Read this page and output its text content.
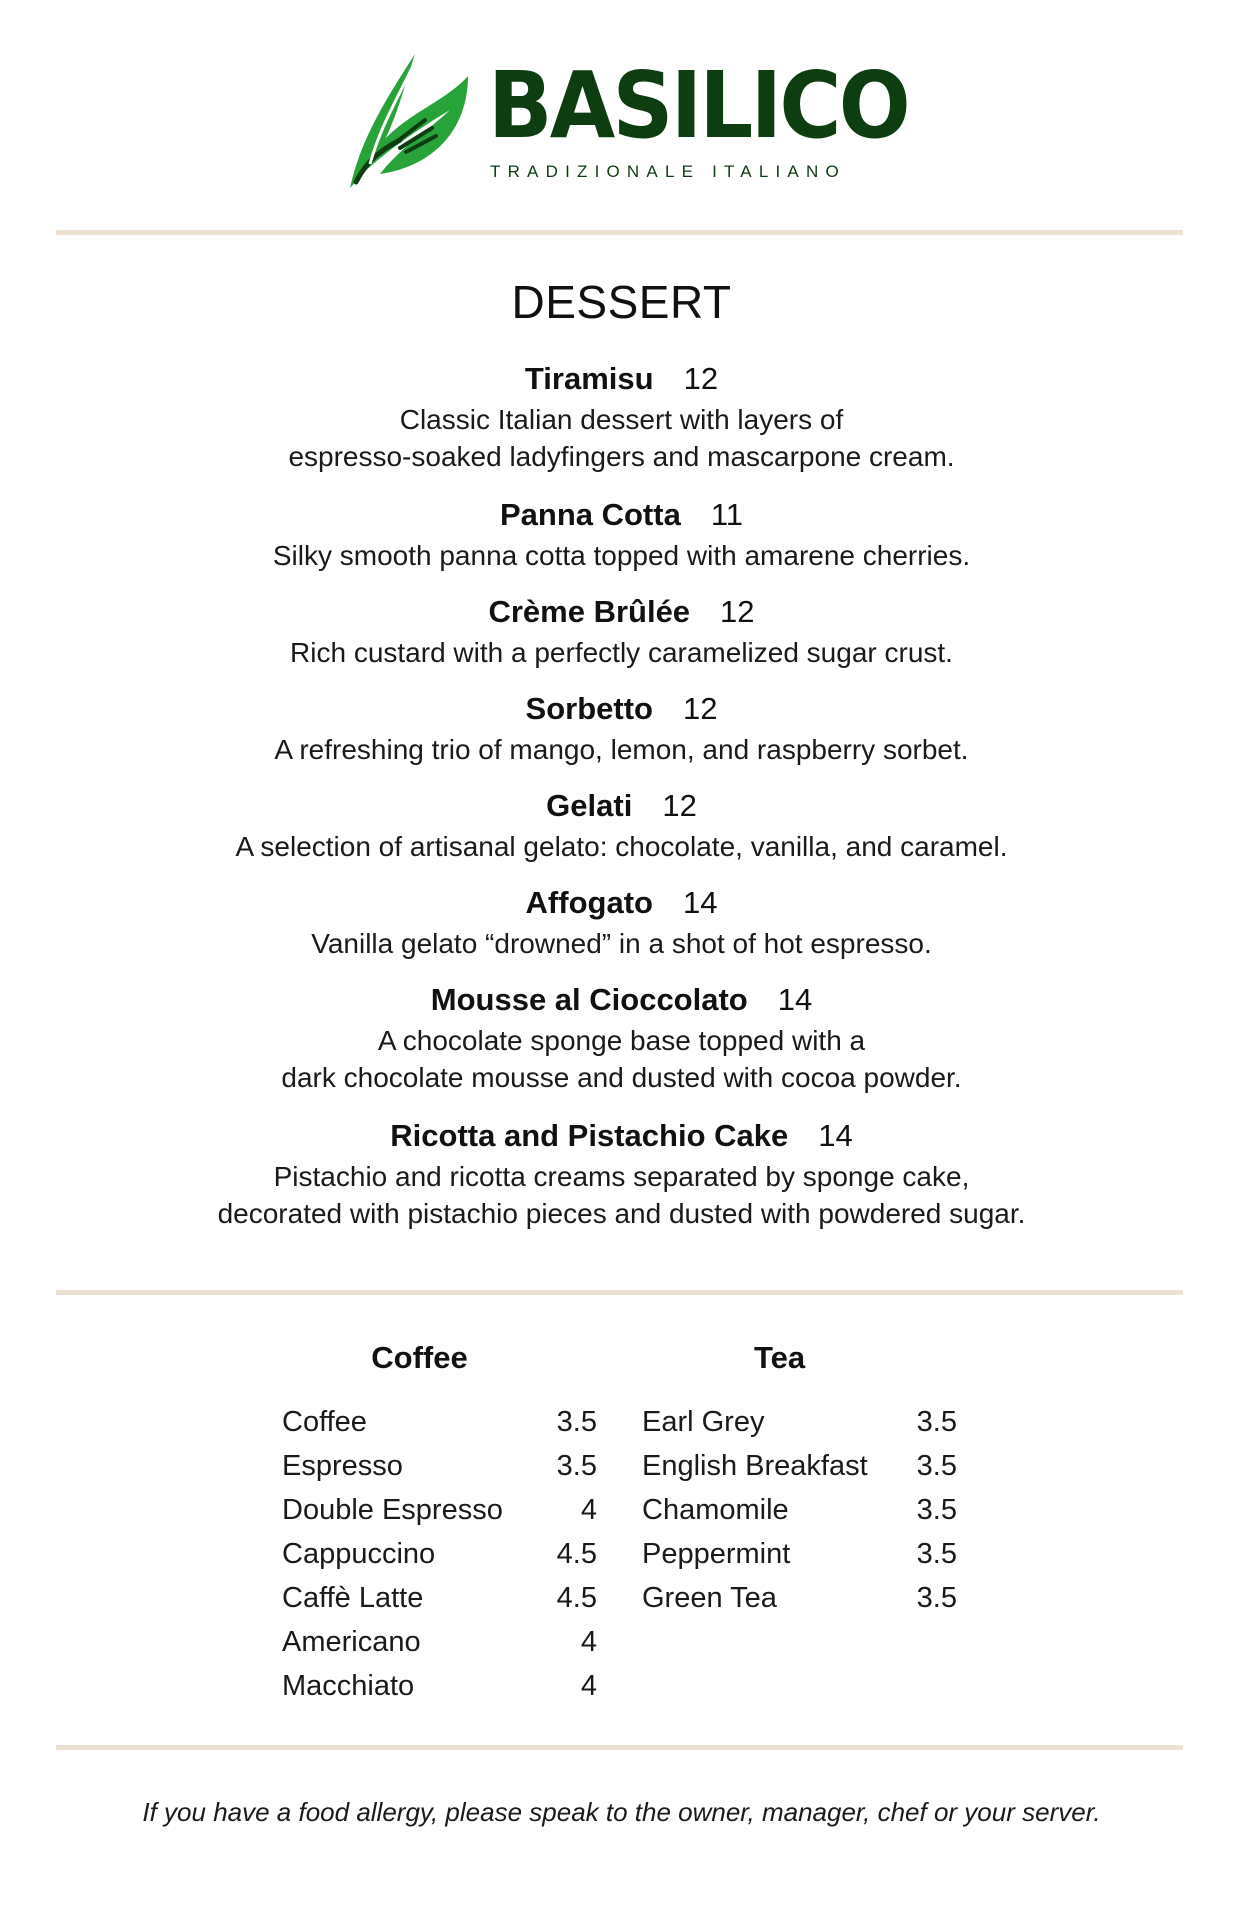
BASILICO
TRADIZIONALE ITALIANO
DESSERT
Tiramisu 12
Classic Italian dessert with layers of
espresso-soaked ladyfingers and mascarpone cream.
Panna Cotta 11
Silky smooth panna cotta topped with amarene cherries.
Crème Brûlée 12
Rich custard with a perfectly caramelized sugar crust.
Sorbetto 12
A refreshing trio of mango, lemon, and raspberry sorbet.
Gelati 12
A selection of artisanal gelato: chocolate, vanilla, and caramel.
Affogato 14
Vanilla gelato “drowned” in a shot of hot espresso.
Mousse al Cioccolato 14
A chocolate sponge base topped with a
dark chocolate mousse and dusted with cocoa powder.
Ricotta and Pistachio Cake 14
Pistachio and ricotta creams separated by sponge cake,
decorated with pistachio pieces and dusted with powdered sugar.
Coffee
Coffee	3.5
Espresso	3.5
Double Espresso	4
Cappuccino	4.5
Caffè Latte	4.5
Americano	4
Macchiato	4
Tea
Earl Grey	3.5
English Breakfast	3.5
Chamomile	3.5
Peppermint	3.5
Green Tea	3.5
If you have a food allergy, please speak to the owner, manager, chef or your server.
